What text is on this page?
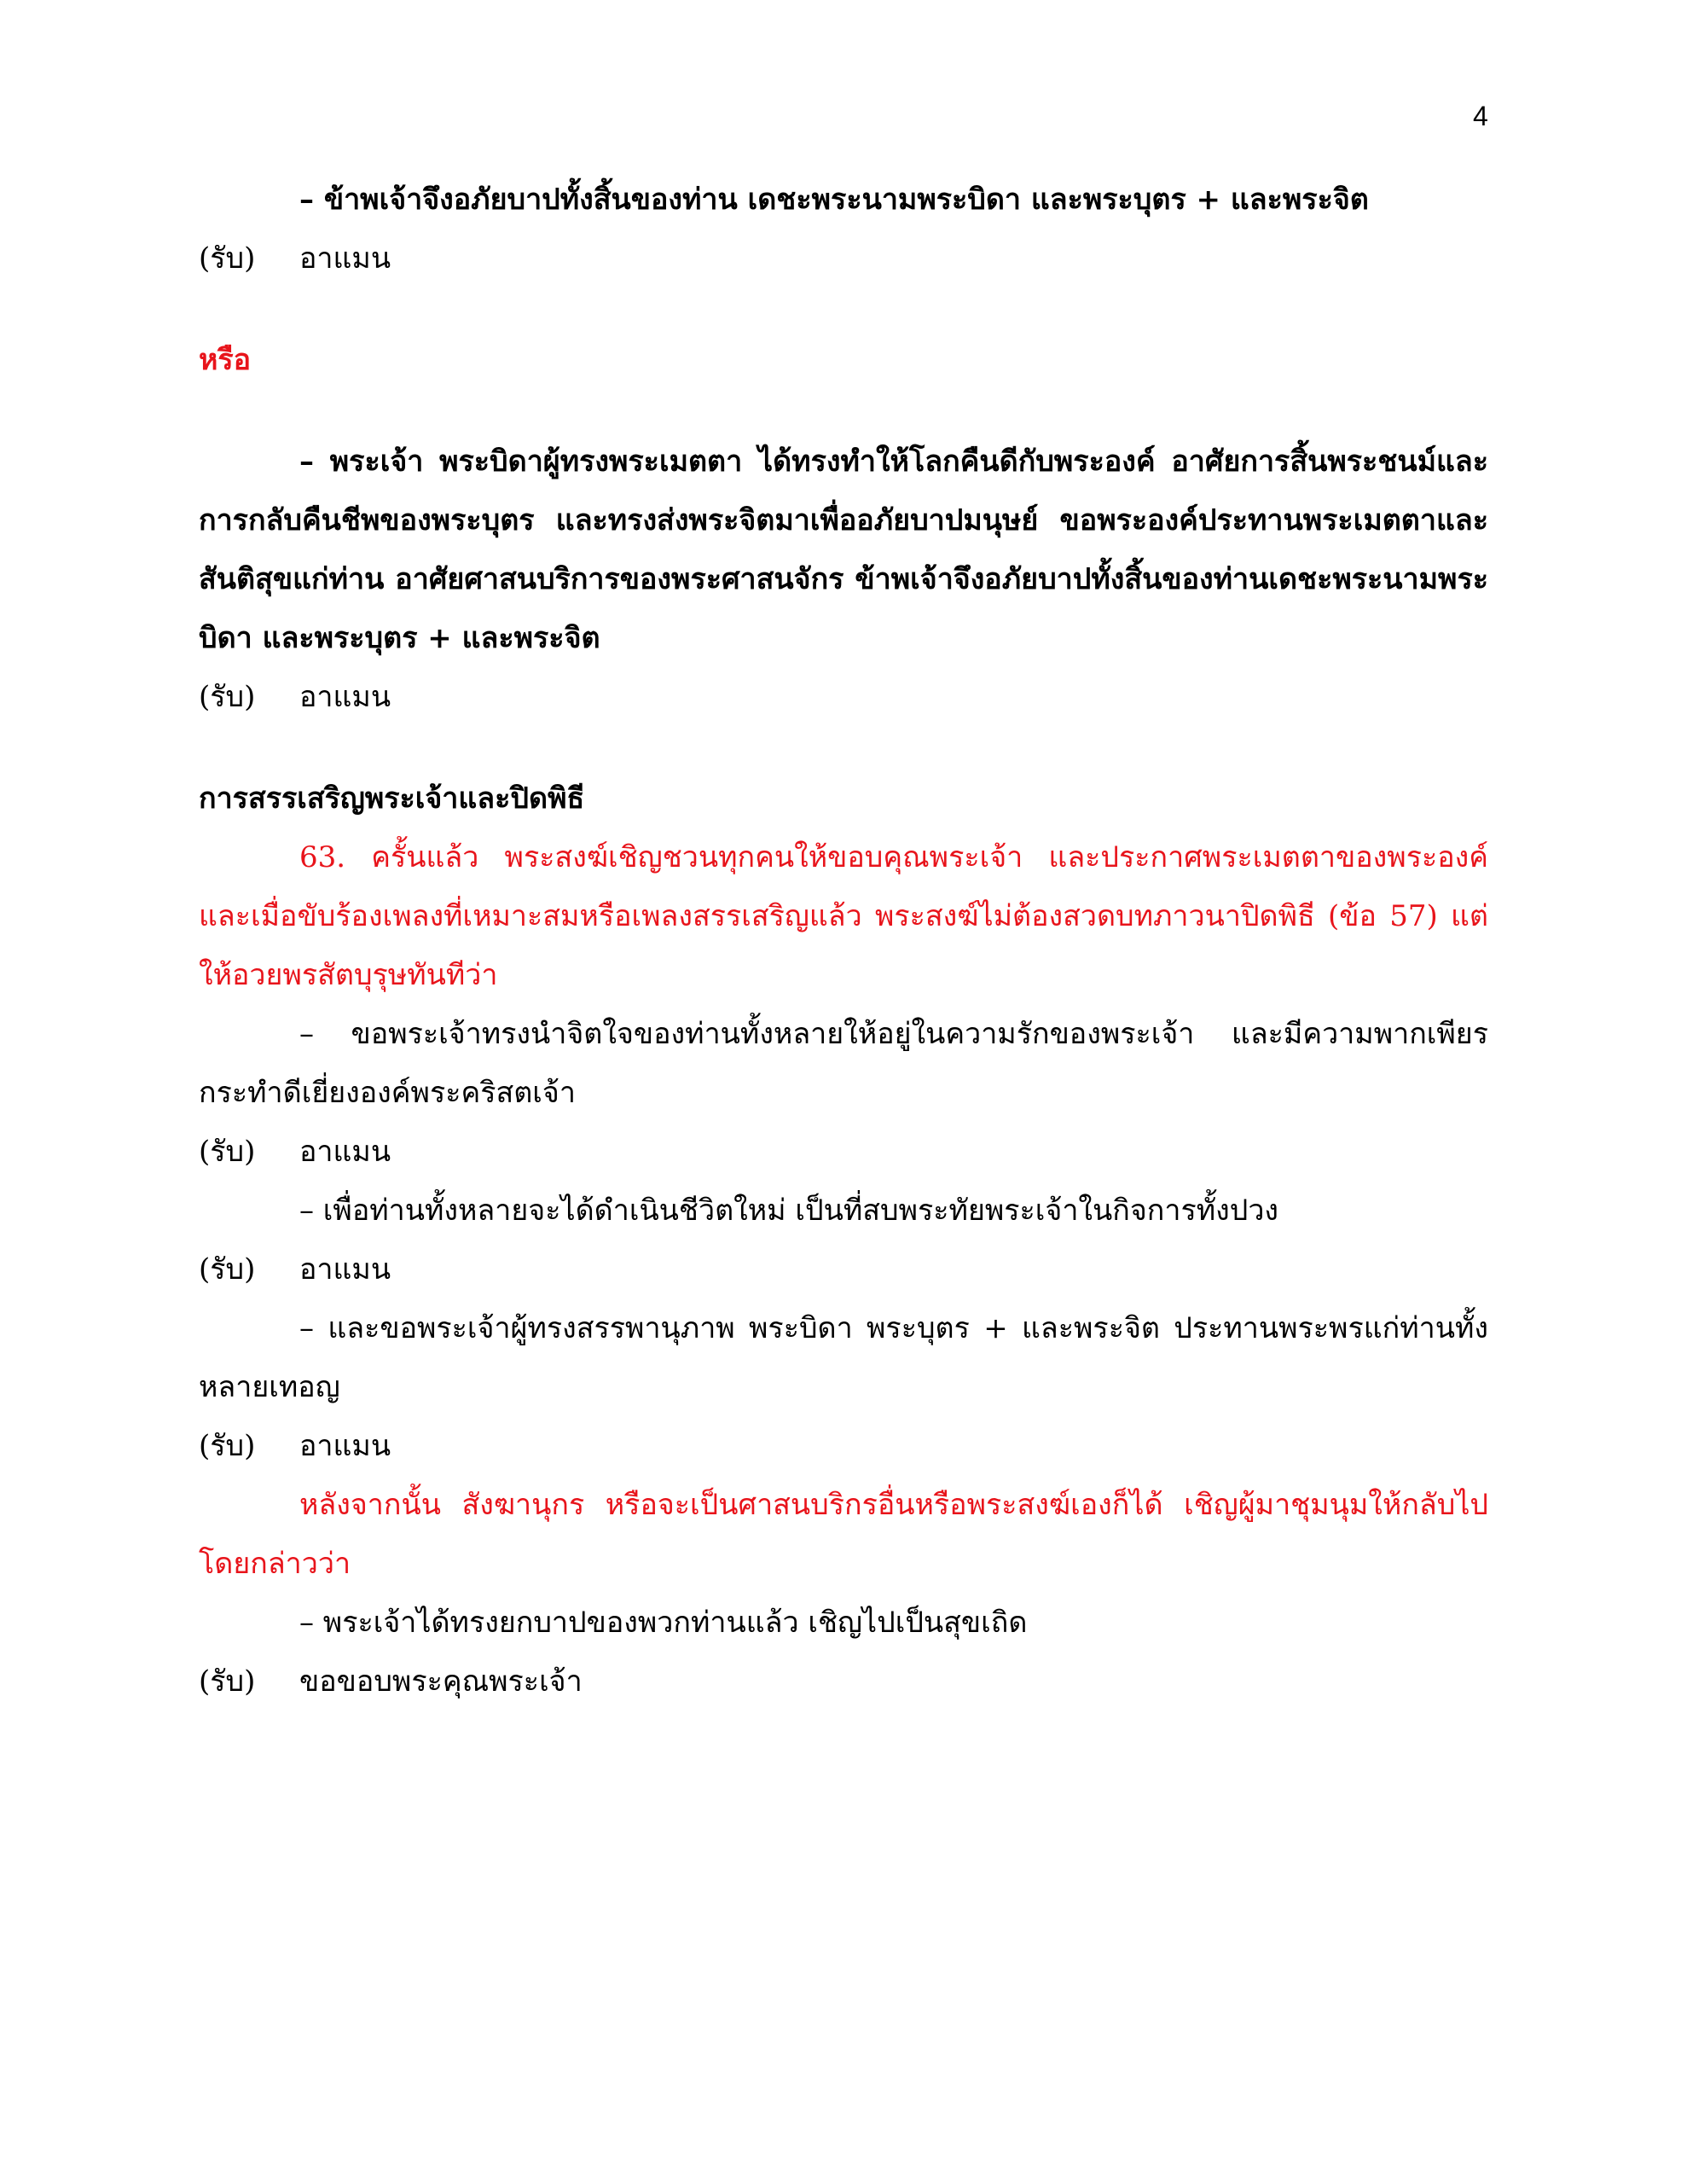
4
– ข้าพเจ้าจึงอภัยบาปทั้งสิ้นของท่าน เดชะพระนามพระบิดา และพระบุตร + และพระจิต
(รับ) อาแมน
หรือ
– พระเจ้า พระบิดาผู้ทรงพระเมตตา ได้ทรงทำให้โลกคืนดีกับพระองค์ อาศัยการสิ้นพระชนม์และการกลับคืนชีพของพระบุตร และทรงส่งพระจิตมาเพื่ออภัยบาปมนุษย์ ขอพระองค์ประทานพระเมตตาและสันติสุขแก่ท่าน อาศัยศาสนบริการของพระศาสนจักร ข้าพเจ้าจึงอภัยบาปทั้งสิ้นของท่านเดชะพระนามพระบิดา และพระบุตร + และพระจิต
(รับ) อาแมน
การสรรเสริญพระเจ้าและปิดพิธี
63. ครั้นแล้ว พระสงฆ์เชิญชวนทุกคนให้ขอบคุณพระเจ้า และประกาศพระเมตตาของพระองค์ และเมื่อขับร้องเพลงที่เหมาะสมหรือเพลงสรรเสริญแล้ว พระสงฆ์ไม่ต้องสวดบทภาวนาปิดพิธี (ข้อ 57) แต่ให้อวยพรสัตบุรุษทันทีว่า
– ขอพระเจ้าทรงนำจิตใจของท่านทั้งหลายให้อยู่ในความรักของพระเจ้า และมีความพากเพียรกระทำดีเยี่ยงองค์พระคริสตเจ้า
(รับ) อาแมน
– เพื่อท่านทั้งหลายจะได้ดำเนินชีวิตใหม่ เป็นที่สบพระทัยพระเจ้าในกิจการทั้งปวง
(รับ) อาแมน
– และขอพระเจ้าผู้ทรงสรรพานุภาพ พระบิดา พระบุตร + และพระจิต ประทานพระพรแก่ท่านทั้งหลายเทอญ
(รับ) อาแมน
หลังจากนั้น สังฆานุกร หรือจะเป็นศาสนบริกรอื่นหรือพระสงฆ์เองก็ได้ เชิญผู้มาชุมนุมให้กลับไปโดยกล่าวว่า
– พระเจ้าได้ทรงยกบาปของพวกท่านแล้ว เชิญไปเป็นสุขเถิด
(รับ) ขอขอบพระคุณพระเจ้า
